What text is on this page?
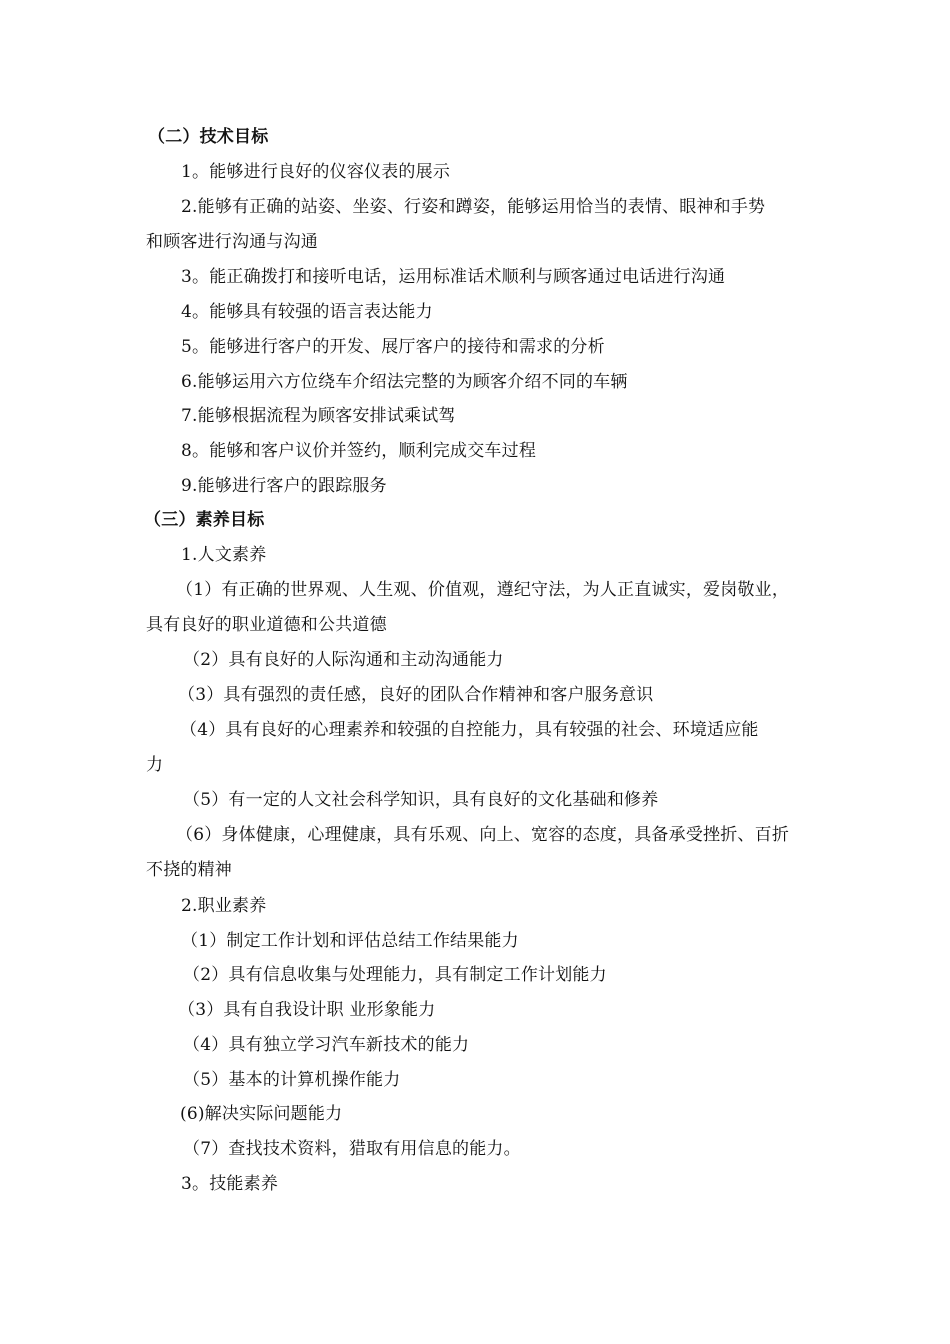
（二）技术目标
1。能够进行良好的仪容仪表的展示
2.能够有正确的站姿、坐姿、行姿和蹲姿，能够运用恰当的表情、眼神和手势
和顾客进行沟通与沟通
3。能正确拨打和接听电话，运用标准话术顺利与顾客通过电话进行沟通
4。能够具有较强的语言表达能力
5。能够进行客户的开发、展厅客户的接待和需求的分析
6.能够运用六方位绕车介绍法完整的为顾客介绍不同的车辆
7.能够根据流程为顾客安排试乘试驾
8。能够和客户议价并签约，顺利完成交车过程
9.能够进行客户的跟踪服务
（三）素养目标
1.人文素养
（1）有正确的世界观、人生观、价值观，遵纪守法，为人正直诚实，爱岗敬业，
具有良好的职业道德和公共道德
（2）具有良好的人际沟通和主动沟通能力
（3）具有强烈的责任感，良好的团队合作精神和客户服务意识
（4）具有良好的心理素养和较强的自控能力，具有较强的社会、环境适应能
力
（5）有一定的人文社会科学知识，具有良好的文化基础和修养
（6）身体健康，心理健康，具有乐观、向上、宽容的态度，具备承受挫折、百折
不挠的精神
2.职业素养
（1）制定工作计划和评估总结工作结果能力
（2）具有信息收集与处理能力，具有制定工作计划能力
（3）具有自我设计职 业形象能力
（4）具有独立学习汽车新技术的能力
（5）基本的计算机操作能力
(6)解决实际问题能力
（7）查找技术资料，猎取有用信息的能力。
3。技能素养
